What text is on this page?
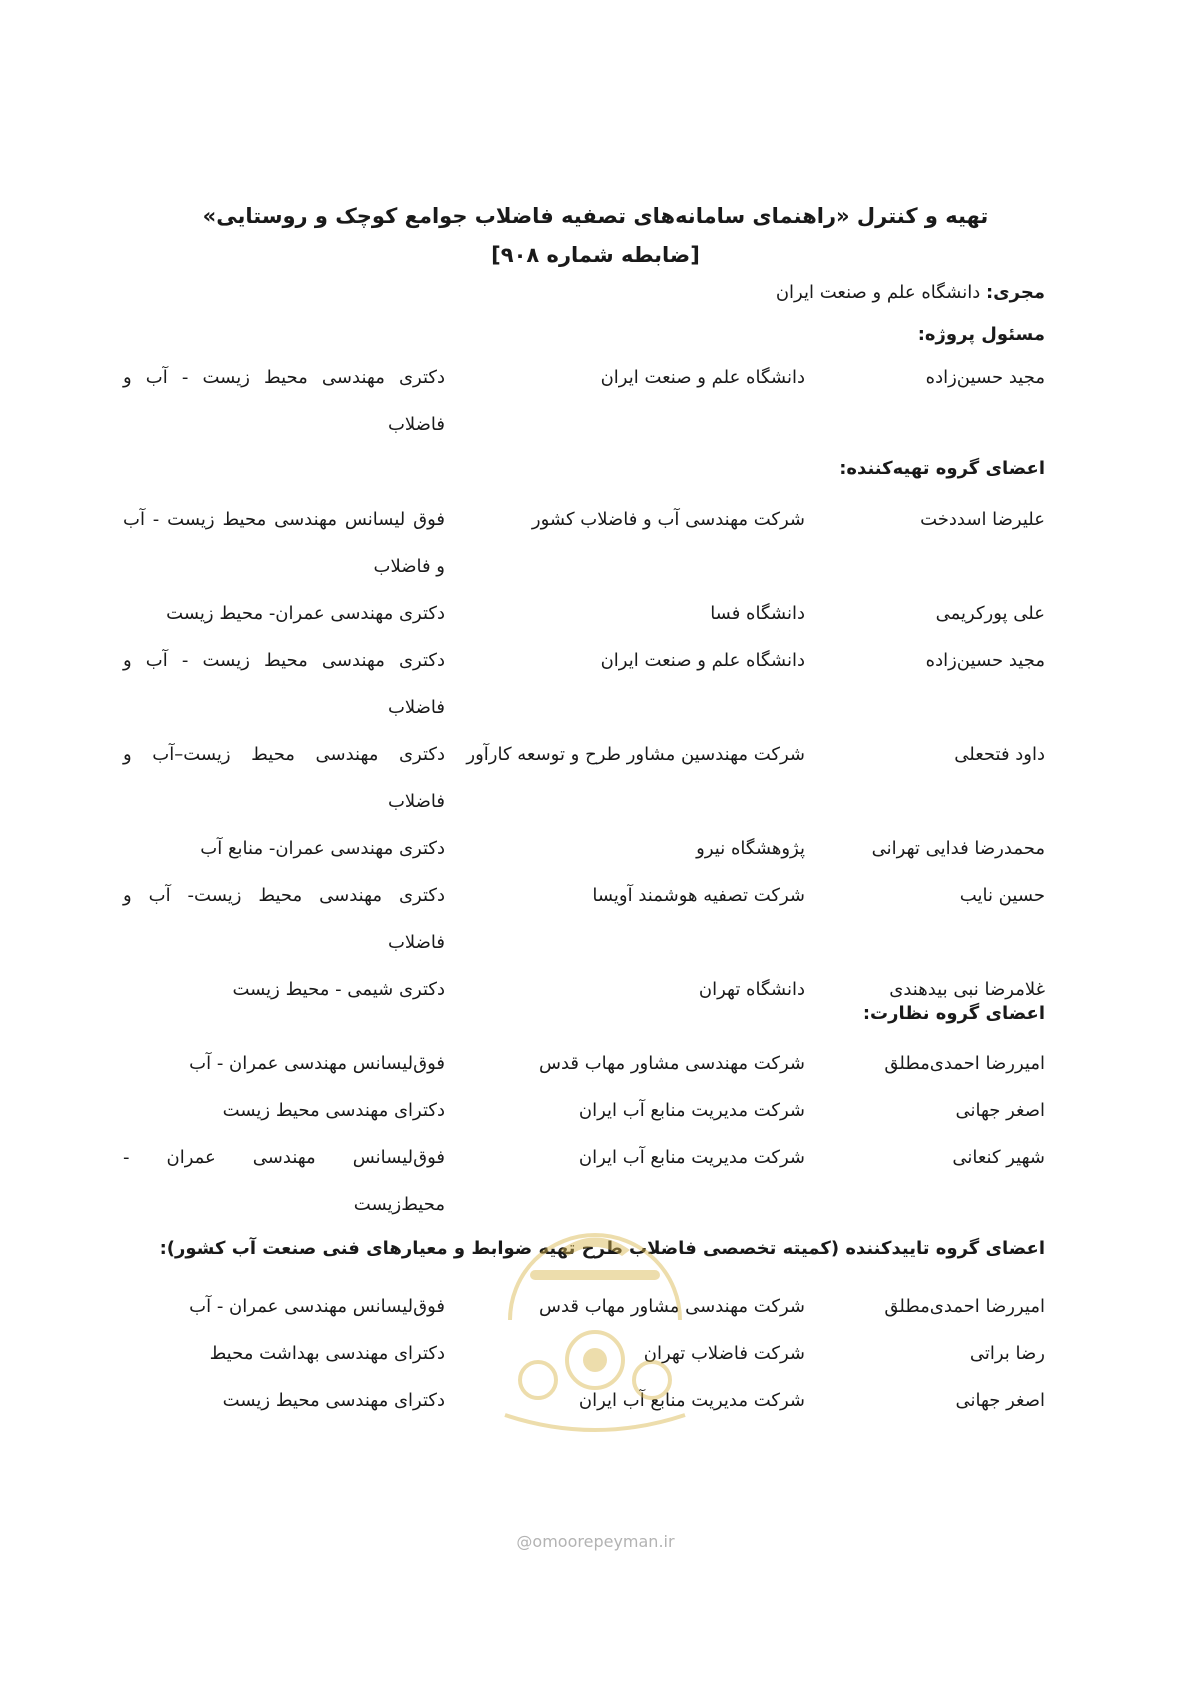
تهیه و کنترل «راهنمای سامانه‌های تصفیه فاضلاب جوامع کوچک و روستایی»
[ضابطه شماره ۹۰۸]
مجری: دانشگاه علم و صنعت ایران
مسئول پروژه:
مجید حسین‌زاده
دانشگاه علم و صنعت ایران
دکتری مهندسی محیط زیست - آب و فاضلاب
اعضای گروه تهیه‌کننده:
علیرضا اسددخت
شرکت مهندسی آب و فاضلاب کشور
فوق لیسانس مهندسی محیط زیست - آب و فاضلاب
علی پورکریمی
دانشگاه فسا
دکتری مهندسی عمران- محیط زیست
مجید حسین‌زاده
دانشگاه علم و صنعت ایران
دکتری مهندسی محیط زیست - آب و فاضلاب
داود فتحعلی
شرکت مهندسین مشاور طرح و توسعه کارآور
دکتری مهندسی محیط زیست–آب و فاضلاب
محمدرضا فدایی تهرانی
پژوهشگاه نیرو
دکتری مهندسی عمران- منابع آب
حسین نایب
شرکت تصفیه هوشمند آویسا
دکتری مهندسی محیط زیست- آب و فاضلاب
غلامرضا نبی بیدهندی
دانشگاه تهران
دکتری شیمی - محیط زیست
اعضای گروه نظارت:
امیررضا احمدی‌مطلق
شرکت مهندسی مشاور مهاب قدس
فوق‌لیسانس مهندسی عمران - آب
اصغر جهانی
شرکت مدیریت منابع آب ایران
دکترای مهندسی محیط زیست
شهیر کنعانی
شرکت مدیریت منابع آب ایران
فوق‌لیسانس مهندسی عمران - محیط‌زیست
اعضای گروه تاییدکننده (کمیته تخصصی فاضلاب طرح تهیه ضوابط و معیارهای فنی صنعت آب کشور):
امیررضا احمدی‌مطلق
شرکت مهندسی مشاور مهاب قدس
فوق‌لیسانس مهندسی عمران - آب
رضا براتی
شرکت فاضلاب تهران
دکترای مهندسی بهداشت محیط
اصغر جهانی
شرکت مدیریت منابع آب ایران
دکترای مهندسی محیط زیست
@omoorepeyman.ir
